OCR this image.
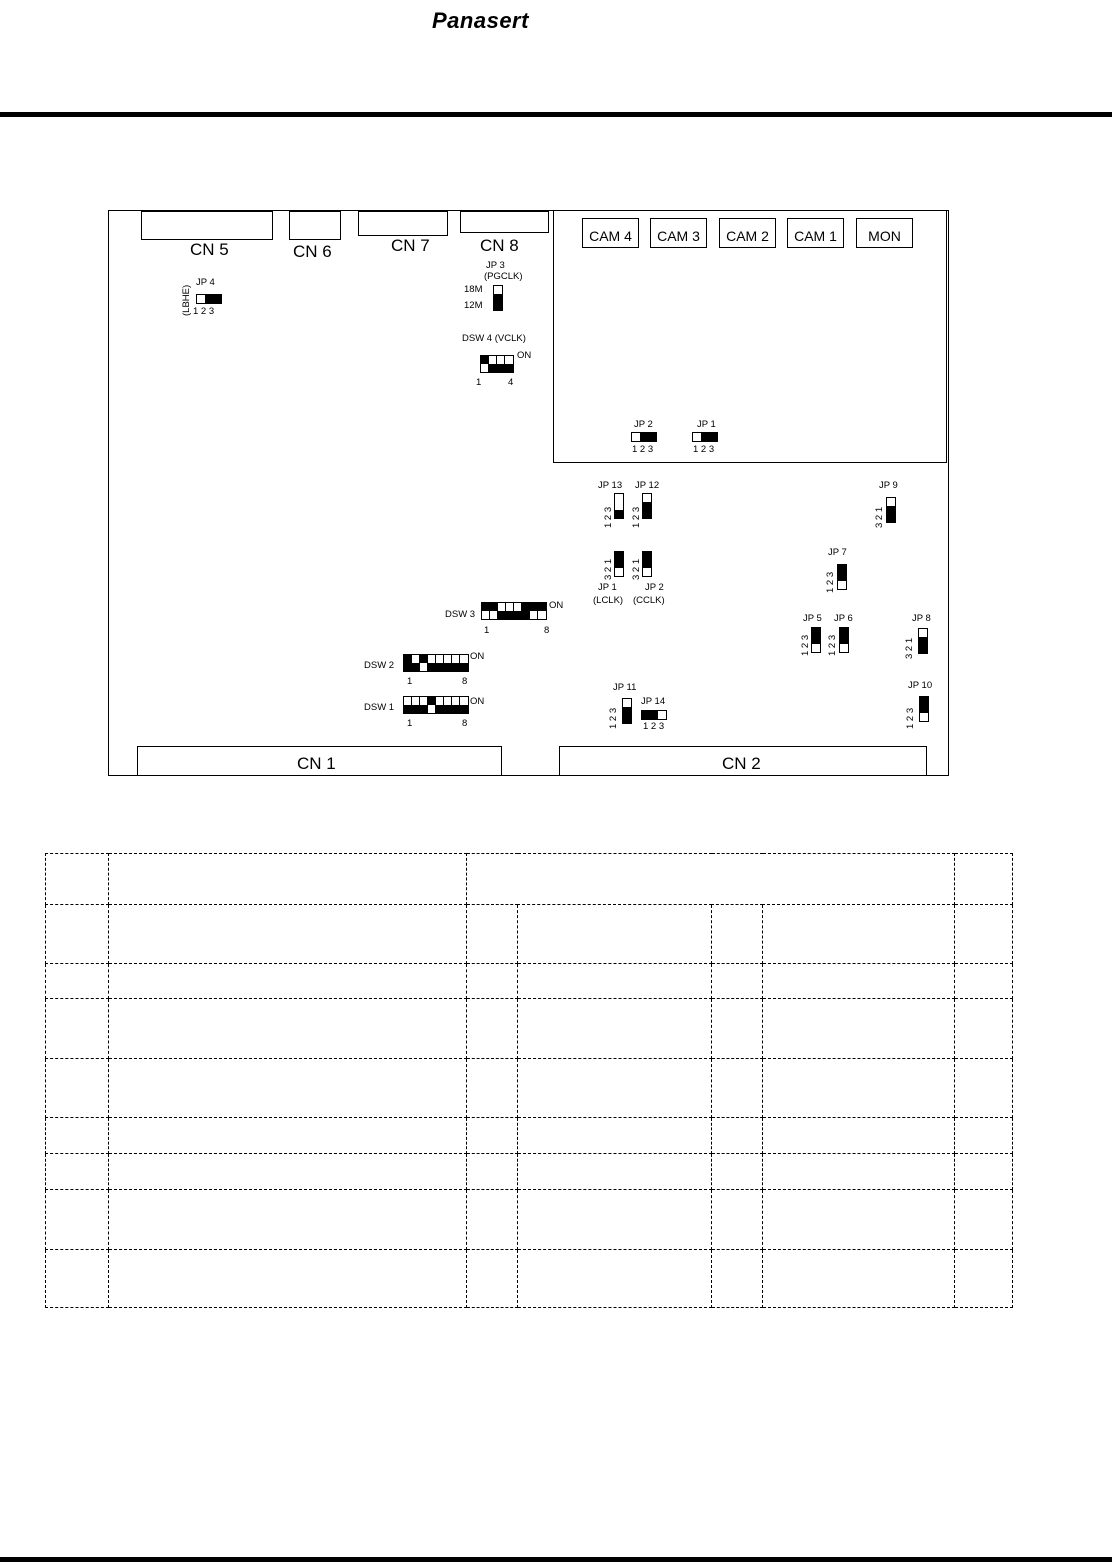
Panasert
CN 5	CN 6	CN 7	CN 8	CAM 4	CAM 3	CAM 2	CAM 1	MON
JP 4
(LBHE) 1 2 3
JP 3
(PGCLK)
18M
12M
DSW 4 (VCLK)
ON
1	4
JP 2
1 2 3
JP 1
1 2 3
JP 13 JP 12
1 2 3 1 2 3
3 2 1 3 2 1
JP 1
(LCLK)
JP 2
(CCLK)
JP 9
3 2 1
JP 7
1 2 3
DSW 3
ON
1	8
JP 5
1 2 3
JP 6
1 2 3
JP 8
3 2 1
DSW 2
ON
1	8	JP 10
1 2 3
DSW 1
ON
1	8
JP 11
1 2 3
JP 14
1 2 3
CN 1	CN 2
